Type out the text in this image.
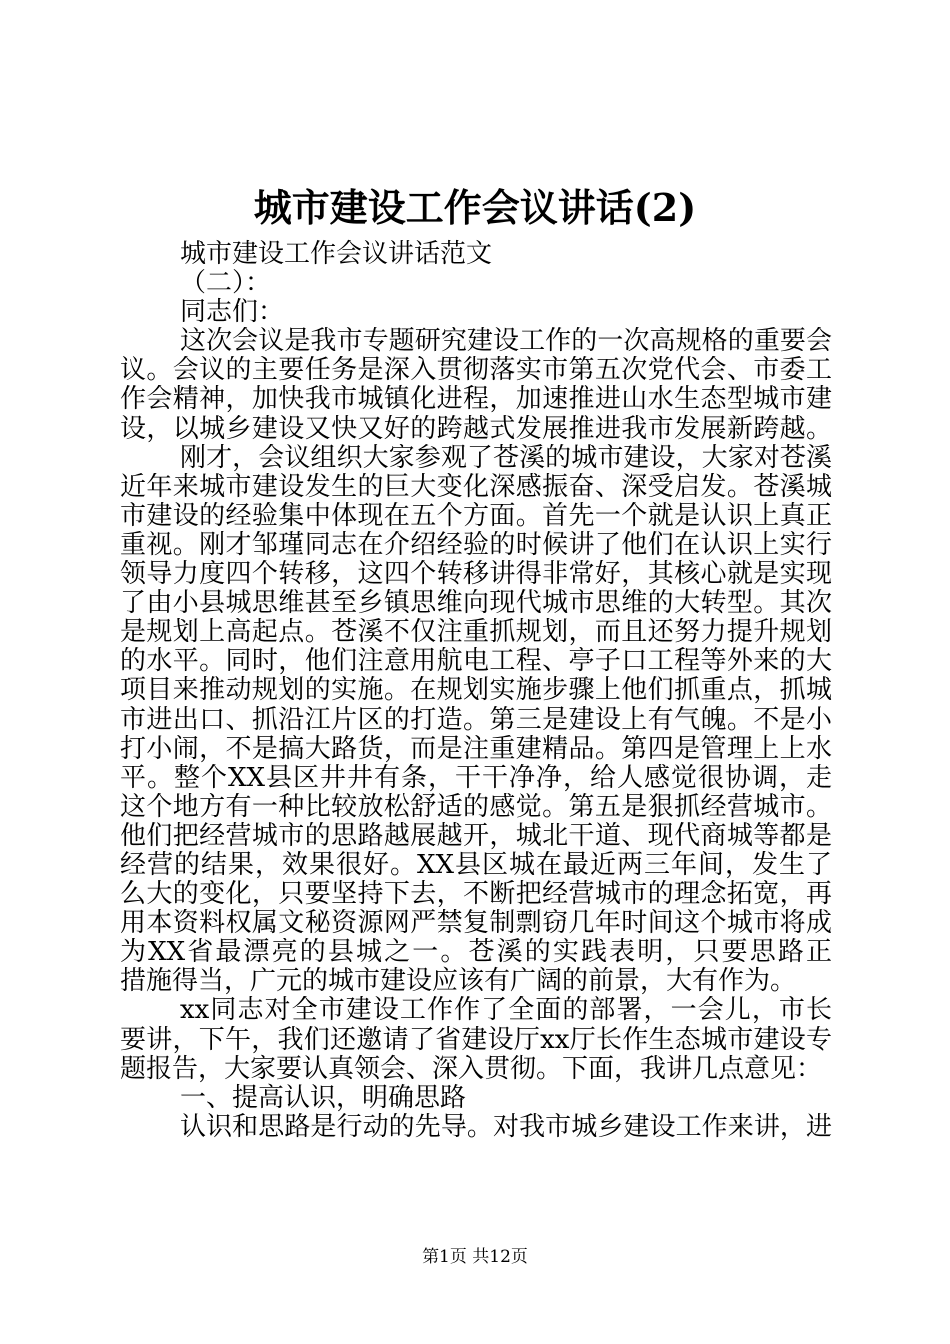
城市建设工作会议讲话(2)
城市建设工作会议讲话范文
（二）：
同志们：
这次会议是我市专题研究建设工作的一次高规格的重要会
议。会议的主要任务是深入贯彻落实市第五次党代会、市委工
作会精神，加快我市城镇化进程，加速推进山水生态型城市建
设，以城乡建设又快又好的跨越式发展推进我市发展新跨越。
刚才，会议组织大家参观了苍溪的城市建设，大家对苍溪
近年来城市建设发生的巨大变化深感振奋、深受启发。苍溪城
市建设的经验集中体现在五个方面。首先一个就是认识上真正
重视。刚才邹瑾同志在介绍经验的时候讲了他们在认识上实行
领导力度四个转移，这四个转移讲得非常好，其核心就是实现
了由小县城思维甚至乡镇思维向现代城市思维的大转型。其次
是规划上高起点。苍溪不仅注重抓规划，而且还努力提升规划
的水平。同时，他们注意用航电工程、亭子口工程等外来的大
项目来推动规划的实施。在规划实施步骤上他们抓重点，抓城
市进出口、抓沿江片区的打造。第三是建设上有气魄。不是小
打小闹，不是搞大路货，而是注重建精品。第四是管理上上水
平。整个XX县区井井有条，干干净净，给人感觉很协调，走
这个地方有一种比较放松舒适的感觉。第五是狠抓经营城市。
他们把经营城市的思路越展越开，城北干道、现代商城等都是
经营的结果，效果很好。XX县区城在最近两三年间，发生了
么大的变化，只要坚持下去，不断把经营城市的理念拓宽，再
用本资料权属文秘资源网严禁复制剽窃几年时间这个城市将成
为XX省最漂亮的县城之一。苍溪的实践表明，只要思路正
措施得当，广元的城市建设应该有广阔的前景，大有作为。
xx同志对全市建设工作作了全面的部署，一会儿，市长
要讲，下午，我们还邀请了省建设厅xx厅长作生态城市建设专
题报告，大家要认真领会、深入贯彻。下面，我讲几点意见：
一、提高认识，明确思路
认识和思路是行动的先导。对我市城乡建设工作来讲，进
第1页 共12页
